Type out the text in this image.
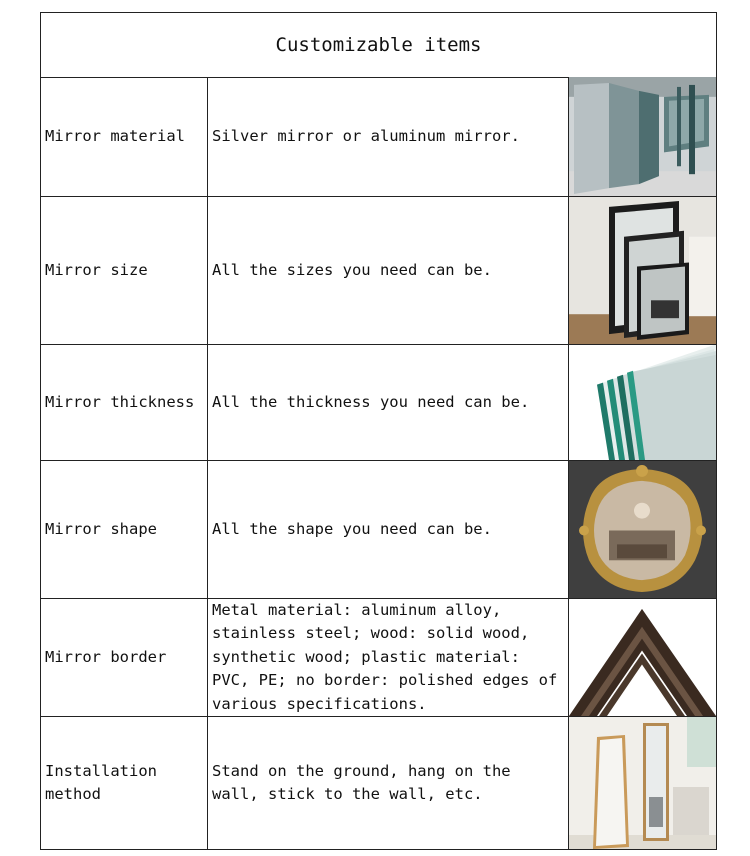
Customizable items
Mirror material Silver mirror or aluminum mirror.
Mirror size	All the sizes you need can be.
Mirror thickness All the thickness you need can be.
Mirror shape	All the shape you need can be.
Mirror border
Metal material: aluminum alloy,
stainless steel; wood: solid wood,
synthetic wood; plastic material:
PVC, PE; no border: polished edges of
various specifications.
Installation
method
Stand on the ground, hang on the
wall, stick to the wall, etc.
